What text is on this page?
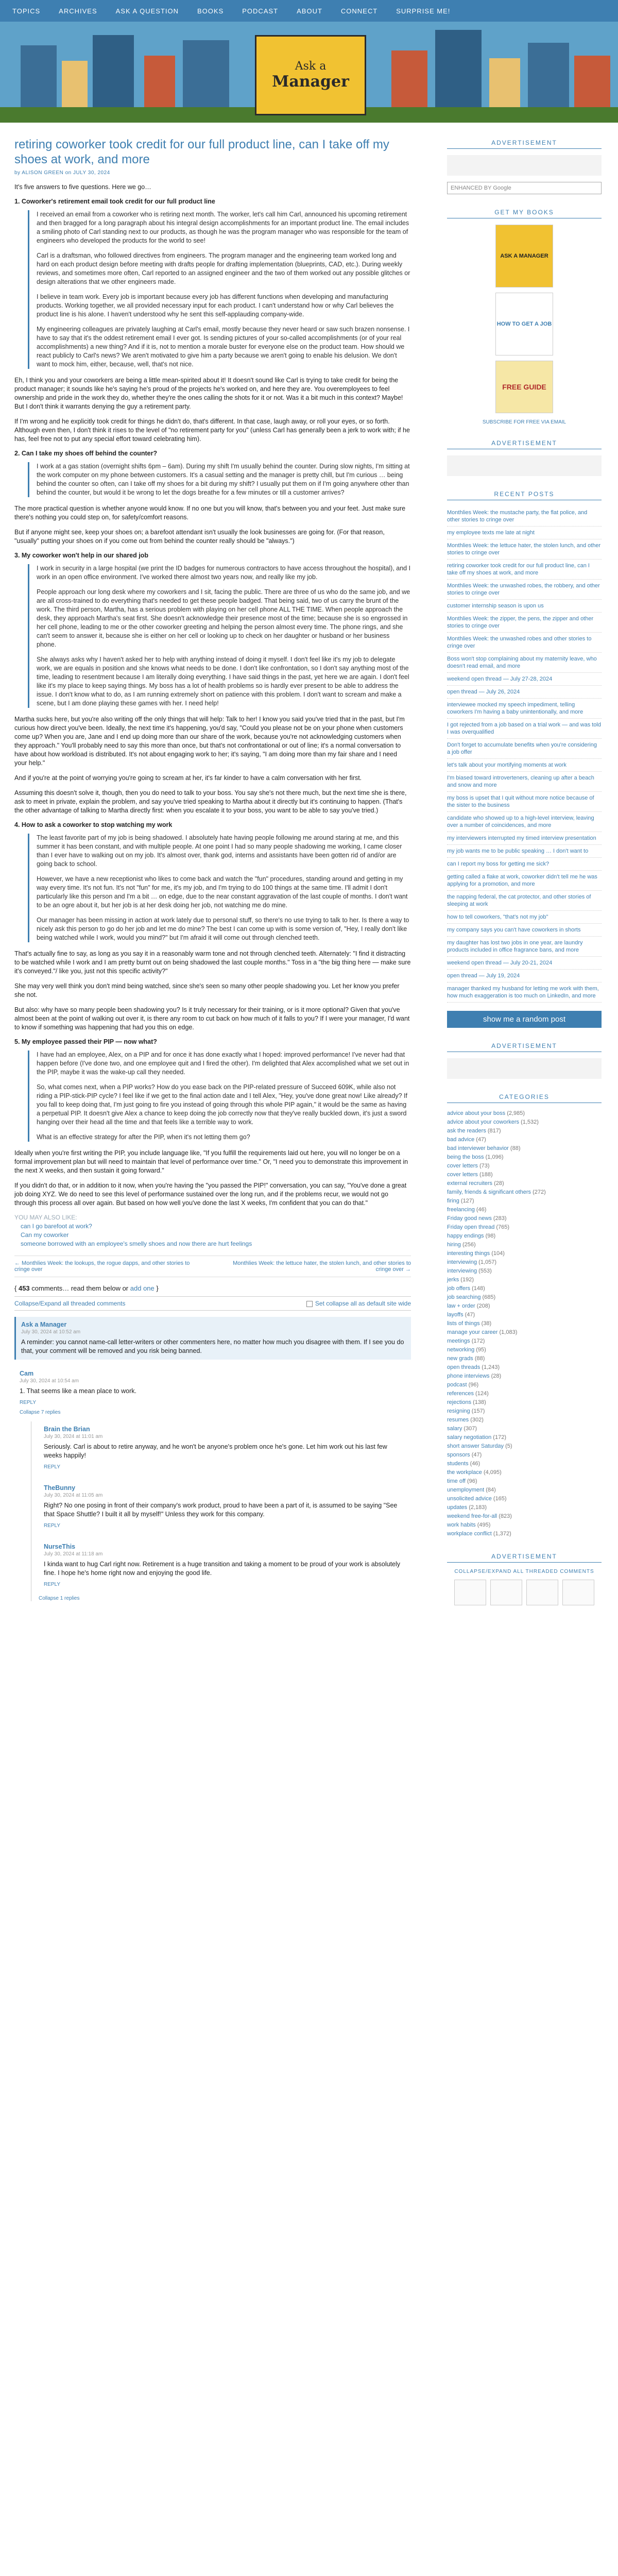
TOPICS	ARCHIVES	ASK A QUESTION	BOOKS	PODCAST	ABOUT	CONNECT	SURPRISE ME!
Ask a
Manager
retiring coworker took credit for our full product line, can I take off my shoes at work, and more
by ALISON GREEN on JULY 30, 2024

It's five answers to five questions. Here we go…

1. Coworker's retirement email took credit for our full product line

I received an email from a coworker who is retiring next month. The worker, let's call him Carl, announced his upcoming retirement and then bragged for a long paragraph about his integral design accomplishments for an important product line. The email includes a smiling photo of Carl standing next to our products, as though he was the program manager who was responsible for the team of engineers who developed the products for the world to see!

Carl is a draftsman, who followed directives from engineers. The program manager and the engineering team worked long and hard on each product design before meeting with drafts people for drafting implementation (blueprints, CAD, etc.). During weekly reviews, and sometimes more often, Carl reported to an assigned engineer and the two of them worked out any possible glitches or design alterations that we other engineers made.

I believe in team work. Every job is important because every job has different functions when developing and manufacturing products. Working together, we all provided necessary input for each product. I can't understand how or why Carl believes the product line is his alone. I haven't understood why he sent this self-applauding company-wide.

My engineering colleagues are privately laughing at Carl's email, mostly because they never heard or saw such brazen nonsense. I have to say that it's the oddest retirement email I ever got. Is sending pictures of your so-called accomplishments (or of your real accomplishments) a new thing? And if it is, not to mention a morale buster for everyone else on the product team. How should we react publicly to Carl's news? We aren't motivated to give him a party because we aren't going to enable his delusion. We don't want to mock him, either, because, well, that's not nice.

Eh, I think you and your coworkers are being a little mean-spirited about it! It doesn't sound like Carl is trying to take credit for being the product manager; it sounds like he's saying he's proud of the projects he's worked on, and here they are. You overemployees to feel ownership and pride in the work they do, whether they're the ones calling the shots for it or not. Was it a bit much in this context? Maybe! But I don't think it warrants denying the guy a retirement party.

If I'm wrong and he explicitly took credit for things he didn't do, that's different. In that case, laugh away, or roll your eyes, or so forth. Although even then, I don't think it rises to the level of "no retirement party for you" (unless Carl has generally been a jerk to work with; if he has, feel free not to put any special effort toward celebrating him).

2. Can I take my shoes off behind the counter?

I work at a gas station (overnight shifts 6pm – 6am). During my shift I'm usually behind the counter. During slow nights, I'm sitting at the work computer on my phone between customers. It's a casual setting and the manager is pretty chill, but I'm curious … being behind the counter so often, can I take off my shoes for a bit during my shift? I usually put them on if I'm going anywhere other than behind the counter, but would it be wrong to let the dogs breathe for a few minutes or till a customer arrives?

The more practical question is whether anyone would know. If no one but you will know, that's between you and your feet. Just make sure there's nothing you could step on, for safety/comfort reasons.

But if anyone might see, keep your shoes on; a barefoot attendant isn't usually the look businesses are going for. (For that reason, "usually" putting your shoes on if you come out from behind the counter really should be "always.")

3. My coworker won't help in our shared job

I work in security in a large hospital (we print the ID badges for numerous contractors to have access throughout the hospital), and I work in an open office environment. I've worked there almost two years now, and really like my job.

People approach our long desk where my coworkers and I sit, facing the public. There are three of us who do the same job, and we are all cross-trained to do everything that's needed to get these people badged. That being said, two of us carry the brunt of the work. The third person, Martha, has a serious problem with playing on her cell phone ALL THE TIME. When people approach the desk, they approach Martha's seat first. She doesn't acknowledge their presence most of the time; because she is so engrossed in her cell phone, leading to me or the other coworker greeting and helping the person almost every time. The phone rings, and she can't seem to answer it, because she is either on her cell or looking up to check on her daughter or husband or her business phone.

She always asks why I haven't asked her to help with anything instead of doing it myself. I don't feel like it's my job to delegate work, we are equals in position and she knows what needs to be done. I don't like confrontation, so I don't say anything most of the time, leading to resentment because I am literally doing everything. I have said things in the past, yet here we are again. I don't feel like it's my place to keep saying things. My boss has a lot of health problems so is hardly ever present to be able to address the issue. I don't know what to do, as I am running extremely short on patience with this problem. I don't want to scream and make a scene, but I am done playing these games with her. I need help!

Martha sucks here, but you're also writing off the only things that will help: Talk to her! I know you said you've tried that in the past, but I'm curious how direct you've been. Ideally, the next time it's happening, you'd say, "Could you please not be on your phone when customers come up? When you are, Jane and I end up doing more than our share of the work, because you're not acknowledging customers when they approach." You'll probably need to say this more than once, but that's not confrontational or out of line; it's a normal conversation to have about how workload is distributed. It's not about engaging work to her; it's saying, "I am doing more than my fair share and I need your help."

And if you're at the point of worrying you're going to scream at her, it's far kinder to have a calm conversation with her first.

Assuming this doesn't solve it, though, then you do need to talk to your boss. You say she's not there much, but the next time she is there, ask to meet in private, explain the problem, and say you've tried speaking to Martha about it directly but it's continuing to happen. (That's the other advantage of talking to Martha directly first: when you escalate it to your boss, you want to be able to say you've tried.)

4. How to ask a coworker to stop watching my work

The least favorite part of my job is being shadowed. I absolutely hate having people following me around staring at me, and this summer it has been constant, and with multiple people. At one point I had so many people shadowing me working, I came closer than I ever have to walking out on my job. It's almost over, thank god, interns and assistants have been gotten rid of and/or are going back to school.

However, we have a new receptionist who likes to come back and watch the "fun" procedures, standing around and getting in my way every time. It's not fun. It's not "fun" for me, it's my job, and I'm trying to do 100 things at the same time. I'll admit I don't particularly like this person and I'm a bit … on edge, due to the near constant aggravation of the last couple of months. I don't want to be an ogre about it, but her job is at her desk doing her job, not watching me do mine.

Our manager has been missing in action at work lately due to personal stuff, so there's no use trying to talk to her. Is there a way to nicely ask this person to go do her job and let me do mine? The best I can come up with is some version of, "Hey, I really don't like being watched while I work, would you mind?" but I'm afraid it will come out through clenched teeth.

That's actually fine to say, as long as you say it in a reasonably warm tone and not through clenched teeth. Alternately: "I find it distracting to be watched while I work and I am pretty burnt out on being shadowed the last couple months." Toss in a "the big thing here — make sure it's conveyed."/ like you, just not this specific activity?"

She may very well think you don't mind being watched, since she's seen so many other people shadowing you. Let her know you prefer she not.

But also: why have so many people been shadowing you? Is it truly necessary for their training, or is it more optional? Given that you've almost been at the point of walking out over it, is there any room to cut back on how much of it falls to you? If I were your manager, I'd want to know if something was happening that had you this on edge.

5. My employee passed their PIP — now what?

I have had an employee, Alex, on a PIP and for once it has done exactly what I hoped: improved performance! I've never had that happen before (I've done two, and one employee quit and I fired the other). I'm delighted that Alex accomplished what we set out in the PIP, maybe it was the wake-up call they needed.

So, what comes next, when a PIP works? How do you ease back on the PIP-related pressure of Succeed 609K, while also not riding a PIP-stick-PIP cycle? I feel like if we get to the final action date and I tell Alex, "Hey, you've done great now! Like already? If you fall to keep doing that, I'm just going to fire you instead of going through this whole PIP again," it would be the same as having a perpetual PIP. It doesn't give Alex a chance to keep doing the job correctly now that they've really buckled down, it's just a sword hanging over their head all the time and that feels like a terrible way to work.

What is an effective strategy for after the PIP, when it's not letting them go?

Ideally when you're first writing the PIP, you include language like, "If you fulfill the requirements laid out here, you will no longer be on a formal improvement plan but will need to maintain that level of performance over time." Or, "I need you to demonstrate this improvement in the next X weeks, and then sustain it going forward."

If you didn't do that, or in addition to it now, when you're having the "you passed the PIP!" conversation, you can say, "You've done a great job doing XYZ. We do need to see this level of performance sustained over the long run, and if the problems recur, we would not go through this process all over again. But based on how well you've done the last X weeks, I'm confident that you can do that."

YOU MAY ALSO LIKE:
can I go barefoot at work?
Can my coworker
someone borrowed with an employee's smelly shoes and now there are hurt feelings
← Monthlies Week: the lookups, the rogue dapps, and other stories to cringe over
Monthlies Week: the lettuce hater, the stolen lunch, and other stories to cringe over →
{ 453 comments… read them below or add one }
Collapse/Expand all threaded comments	Set collapse all as default site wide
Ask a Manager
July 30, 2024 at 10:52 am
A reminder: you cannot name-call letter-writers or other commenters here, no matter how much you disagree with them. If I see you do that, your comment will be removed and you risk being banned.
Cam
July 30, 2024 at 10:54 am
1. That seems like a mean place to work.
REPLY
Collapse 7 replies
Brain the Brian
July 30, 2024 at 11:01 am
Seriously. Carl is about to retire anyway, and he won't be anyone's problem once he's gone. Let him work out his last few weeks happily!
REPLY
TheBunny
July 30, 2024 at 11:05 am
Right? No one posing in front of their company's work product, proud to have been a part of it, is assumed to be saying "See that Space Shuttle? I built it all by myself!" Unless they work for this company.
REPLY
NurseThis
July 30, 2024 at 11:18 am
I kinda want to hug Carl right now. Retirement is a huge transition and taking a moment to be proud of your work is absolutely fine. I hope he's home right now and enjoying the good life.
REPLY
Collapse 1 replies
ADVERTISEMENT
ENHANCED BY Google
GET MY BOOKS
ASK A MANAGER
HOW TO GET A JOB
FREE GUIDE
SUBSCRIBE FOR FREE VIA EMAIL
ADVERTISEMENT
RECENT POSTS
Monthlies Week: the mustache party, the flat police, and other stories to cringe over
my employee texts me late at night
Monthlies Week: the lettuce hater, the stolen lunch, and other stories to cringe over
retiring coworker took credit for our full product line, can I take off my shoes at work, and more
Monthlies Week: the unwashed robes, the robbery, and other stories to cringe over
customer internship season is upon us
Monthlies Week: the zipper, the pens, the zipper and other stories to cringe over
Monthlies Week: the unwashed robes and other stories to cringe over
Boss won't stop complaining about my maternity leave, who doesn't read email, and more
weekend open thread — July 27-28, 2024
open thread — July 26, 2024
interviewee mocked my speech impediment, telling coworkers I'm having a baby unintentionally, and more
I got rejected from a job based on a trial work — and was told I was overqualified
Don't forget to accumulate benefits when you're considering a job offer
let's talk about your mortifying moments at work
I'm biased toward introverteners, cleaning up after a beach and snow and more
my boss is upset that I quit without more notice because of the sister to the business
candidate who showed up to a high-level interview, leaving over a number of coincidences, and more
my interviewers interrupted my timed interview presentation
my job wants me to be public speaking … I don't want to
can I report my boss for getting me sick?
getting called a flake at work, coworker didn't tell me he was applying for a promotion, and more
the napping federal, the cat protector, and other stories of sleeping at work
how to tell coworkers, "that's not my job"
my company says you can't have coworkers in shorts
my daughter has lost two jobs in one year, are laundry products included in office fragrance bans, and more
weekend open thread — July 20-21, 2024
open thread — July 19, 2024
manager thanked my husband for letting me work with them, how much exaggeration is too much on LinkedIn, and more
show me a random post
ADVERTISEMENT
CATEGORIES
advice about your boss (2,985)
advice about your coworkers (1,532)
ask the readers (817)
bad advice (47)
bad interviewer behavior (88)
being the boss (1,096)
cover letters (73)
cover letters (188)
external recruiters (28)
family, friends & significant others (272)
firing (127)
freelancing (46)
Friday good news (283)
Friday open thread (765)
happy endings (98)
hiring (256)
interesting things (104)
interviewing (1,057)
interviewing (553)
jerks (192)
job offers (148)
job searching (685)
law + order (208)
layoffs (47)
lists of things (38)
manage your career (1,083)
meetings (172)
networking (95)
new grads (88)
open threads (1,243)
phone interviews (28)
podcast (96)
references (124)
rejections (138)
resigning (157)
resumes (302)
salary (307)
salary negotiation (172)
short answer Saturday (5)
sponsors (47)
students (46)
the workplace (4,095)
time off (96)
unemployment (84)
unsolicited advice (165)
updates (2,183)
weekend free-for-all (823)
work habits (495)
workplace conflict (1,372)
ADVERTISEMENT
COLLAPSE/EXPAND ALL THREADED COMMENTS
